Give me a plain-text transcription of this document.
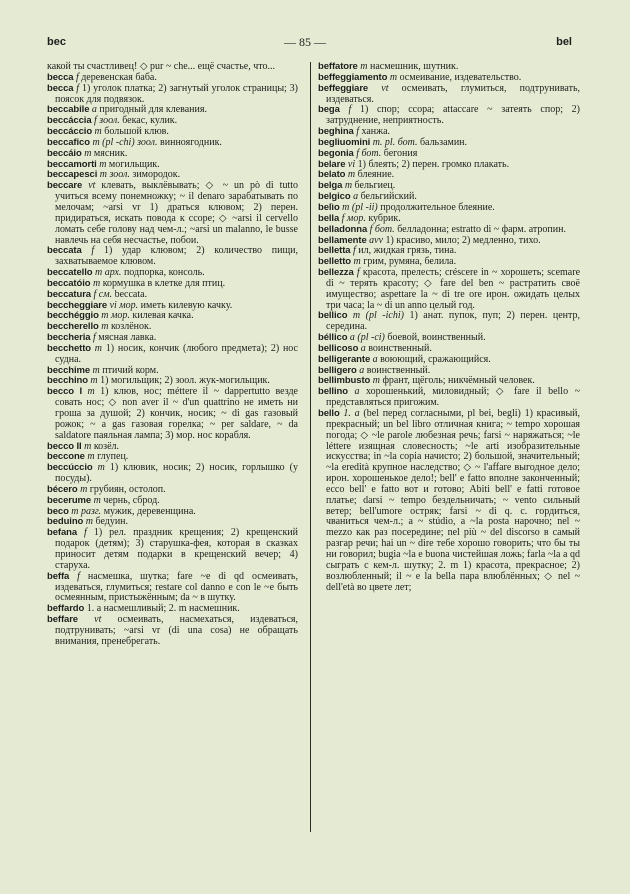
bec	— 85 —	bel

какой ты счастливец! ◇ pur ~ che... ещё счастье, что...

becca f деревенская баба.

becca f 1) уголок платка; 2) загнутый уголок страницы; 3) поясок для подвязок.

beccabile a пригодный для клевания.

beccáccia f зоол. бекас, кулик.

beccáccio m большой клюв.

beccafico m (pl -chi) зоол. винноягодник.

beccáio m мясник.

beccamorti m могильщик.

beccapesci m зоол. зимородок.

beccare vt клевать, выклёвывать; ◇ ~ un pò di tutto учиться всему понемножку; ~ il denaro зарабатывать по мелочам; ~arsi vr 1) драться клювом; 2) перен. придираться, искать повода к ссоре; ◇ ~arsi il cervello ломать себе голову над чем-л.; ~arsi un malanno, le busse навлечь на себя несчастье, побои.

beccata f 1) удар клювом; 2) количество пищи, захватываемое клювом.

beccatello m арх. подпорка, консоль.

beccatóio m кормушка в клетке для птиц.

beccatura f см. beccata.

beccheggiare vi мор. иметь килевую качку.

becchéggio m мор. килевая качка.

beccherello m козлёнок.

beccheria f мясная лавка.

becchetto m 1) носик, кончик (любого предмета); 2) нос судна.

becchime m птичий корм.

becchino m 1) могильщик; 2) зоол. жук-могильщик.

becco I m 1) клюв, нос; méttere il ~ dappertutto везде совать нос; ◇ non aver il ~ d'un quattrino не иметь ни гроша за душой; 2) кончик, носик; ~ di gas газовый рожок; ~ a gas газовая горелка; ~ per saldare, ~ da saldatore паяльная лампа; 3) мор. нос корабля.

becco II m козёл.

beccone m глупец.

beccúccio m 1) клювик, носик; 2) носик, горлышко (у посуды).

bécero m грубиян, остолоп.

becerume m чернь, сброд.

beco m разг. мужик, деревенщина.

beduino m бедуин.

befana f 1) рел. праздник крещения; 2) крещенский подарок (детям); 3) старушка-фея, которая в сказках приносит детям подарки в крещенский вечер; 4) старуха.

beffa f насмешка, шутка; fare ~e di qd осмеивать, издеваться, глумиться; restare col danno e con le ~e быть осмеянным, пристыжённым; da ~ в шутку.

beffardo 1. a насмешливый; 2. m насмешник.

beffare vt осмеивать, насмехаться, издеваться, подтрунивать; ~arsi vr (di una cosa) не обращать внимания, пренебрегать.

beffatore m насмешник, шутник.

beffeggiamento m осмеивание, издевательство.

beffeggiare vt осмеивать, глумиться, подтрунивать, издеваться.

bega f 1) спор; ссора; attaccare ~ затеять спор; 2) затруднение, неприятность.

beghina f ханжа.

begliuomini m. pl. бот. бальзамин.

begonia f бот. бегония

belare vi 1) блеять; 2) перен. громко плакать.

belato m блеяние.

belga m бельгиец.

belgico a бельгийский.

belìo m (pl -ii) продолжительное блеяние.

bella f мор. кубрик.

belladonna f бот. белладонна; estratto di ~ фарм. атропин.

bellamente avv 1) красиво, мило; 2) медленно, тихо.

belletta f ил, жидкая грязь, тина.

belletto m грим, румяна, белила.

bellezza f красота, прелесть; créscere in ~ хорошеть; scemare di ~ терять красоту; ◇ fare del ben ~ растратить своё имущество; aspettare la ~ di tre ore ирон. ожидать целых три часа; la ~ di un anno целый год.

bellico m (pl -ichi) 1) анат. пупок, пуп; 2) перен. центр, середина.

béllico a (pl -ci) боевой, воинственный.

bellicoso a воинственный.

belligerante a воюющий, сражающийся.

belligero a воинственный.

bellimbusto m франт, щёголь; никчёмный человек.

bellino a хорошенький, миловидный; ◇ fare il bello ~ представляться пригожим.

bello 1. a (bel перед согласными, pl bei, begli) 1) красивый, прекрасный; un bel libro отличная книга; ~ tempo хорошая погода; ◇ ~le parole любезная речь; farsi ~ наряжаться; ~le léttere изящная словесность; ~le arti изобразительные искусства; in ~la copia начисто; 2) большой, значительный; ~la eredità крупное наследство; ◇ ~ l'affare выгодное дело; ирон. хорошенькое дело!; bell' e fatto вполне законченный; ecco bell' e fatto вот и готово; Abiti bell' e fatti готовое платье; darsi ~ tempo бездельничать; ~ vento сильный ветер; bell'umore остряк; farsi ~ di q. c. гордиться, чваниться чем-л.; a ~ stúdio, a ~la posta нарочно; nel ~ mezzo как раз посередине; nel più ~ del discorso в самый разгар речи; hai un ~ dire тебе хорошо говорить; что бы ты ни говорил; bugia ~la e buona чистейшая ложь; farla ~la a qd сыграть с кем-л. шутку; 2. m 1) красота, прекрасное; 2) возлюбленный; il ~ e la bella пара влюблённых; ◇ nel ~ dell'età во цвете лет;
